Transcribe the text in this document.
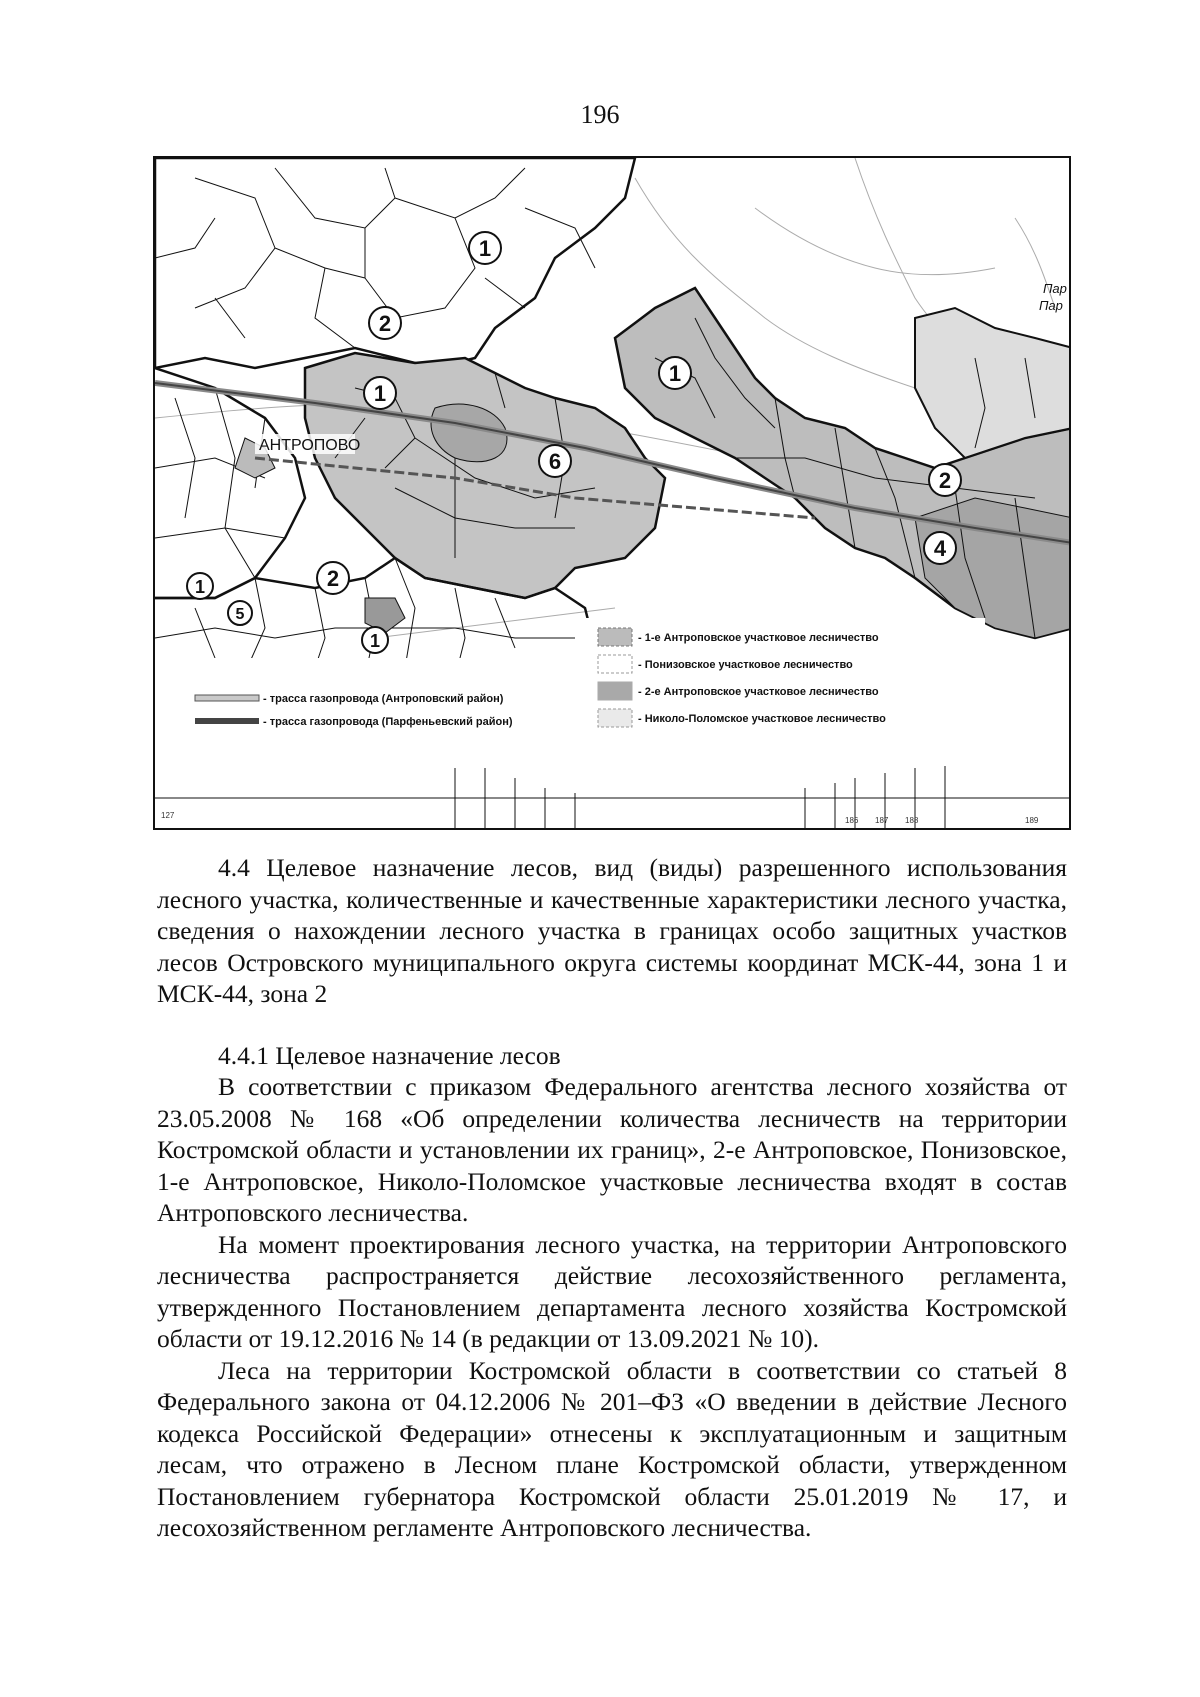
196
1
2
1
1
6
2
4
1	2
5
1
АНТРОПОВО
Пар
Пар
127
186 187 188	189
- трасса газопровода (Антроповский район)
- трасса газопровода (Парфеньевский район)
- 1-е Антроповское участковое лесничество
- Понизовское участковое лесничество
- 2-е Антроповское участковое лесничество
- Николо-Поломское участковое лесничество

4.4 Целевое назначение лесов, вид (виды) разрешенного использования лесного участка, количественные и качественные характеристики лесного участка, сведения о нахождении лесного участка в границах особо защитных участков лесов Островского муниципального округа системы координат МСК-44, зона 1 и МСК-44, зона 2

4.4.1 Целевое назначение лесов

В соответствии с приказом Федерального агентства лесного хозяйства от 23.05.2008 № 168 «Об определении количества лесничеств на территории Костромской области и установлении их границ», 2-е Антроповское, Понизовское, 1-е Антроповское, Николо-Поломское участковые лесничества входят в состав Антроповского лесничества.

На момент проектирования лесного участка, на территории Антроповского лесничества распространяется действие лесохозяйственного регламента, утвержденного Постановлением департамента лесного хозяйства Костромской области от 19.12.2016 № 14 (в редакции от 13.09.2021 № 10).

Леса на территории Костромской области в соответствии со статьей 8 Федерального закона от 04.12.2006 № 201–ФЗ «О введении в действие Лесного кодекса Российской Федерации» отнесены к эксплуатационным и защитным лесам, что отражено в Лесном плане Костромской области, утвержденном Постановлением губернатора Костромской области 25.01.2019 № 17, и лесохозяйственном регламенте Антроповского лесничества.
